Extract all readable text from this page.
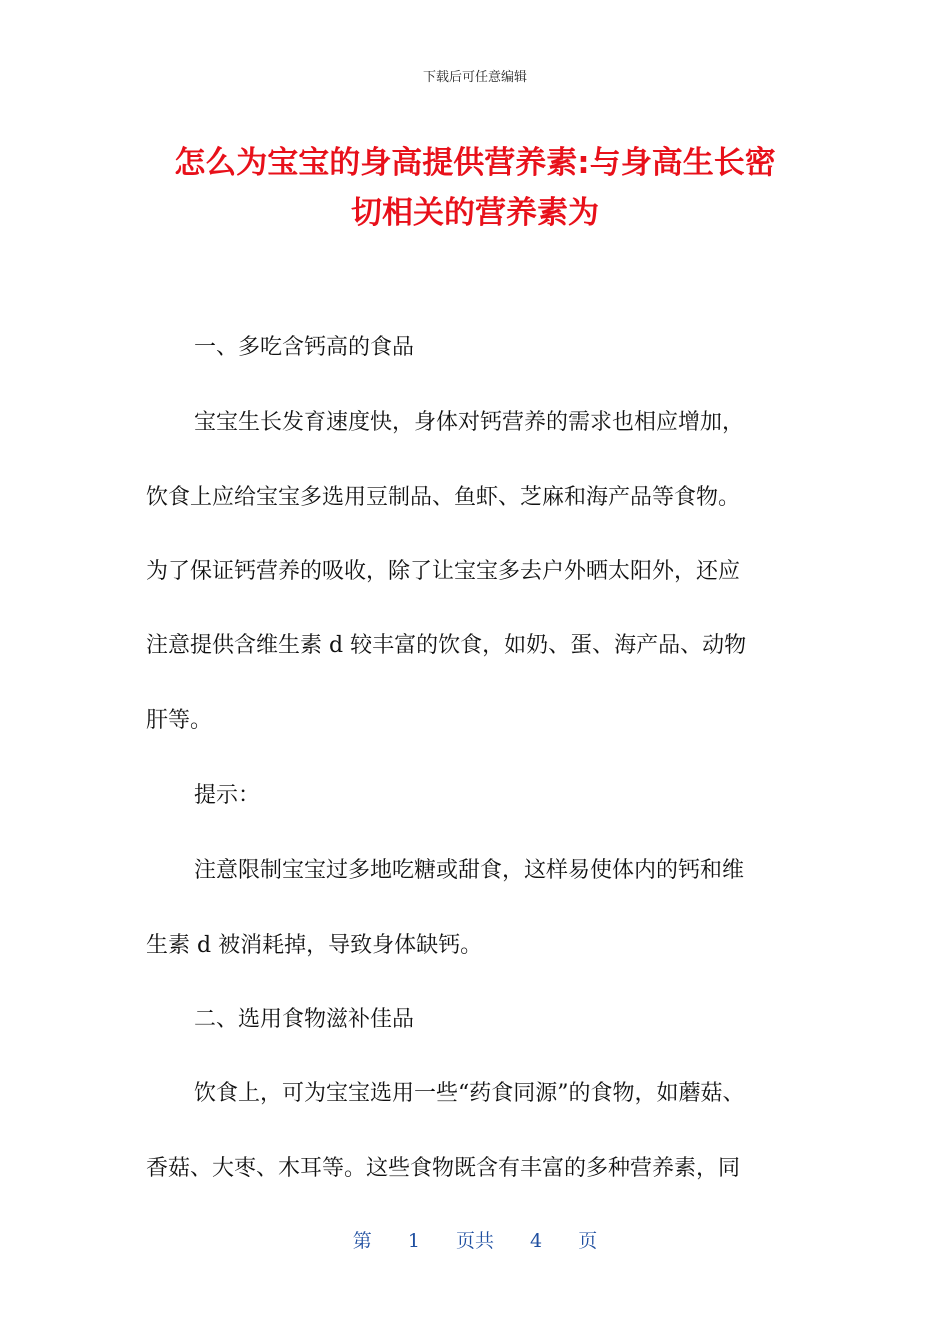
下载后可任意编辑
怎么为宝宝的身高提供营养素:与身高生长密
切相关的营养素为

一、多吃含钙高的食品

宝宝生长发育速度快，身体对钙营养的需求也相应增加，

饮食上应给宝宝多选用豆制品、鱼虾、芝麻和海产品等食物。

为了保证钙营养的吸收，除了让宝宝多去户外晒太阳外，还应

注意提供含维生素 d 较丰富的饮食，如奶、蛋、海产品、动物

肝等。

提示：

注意限制宝宝过多地吃糖或甜食，这样易使体内的钙和维

生素 d 被消耗掉，导致身体缺钙。

二、选用食物滋补佳品

饮食上，可为宝宝选用一些“药食同源”的食物，如蘑菇、

香菇、大枣、木耳等。这些食物既含有丰富的多种营养素，同

第 1 页共 4 页
